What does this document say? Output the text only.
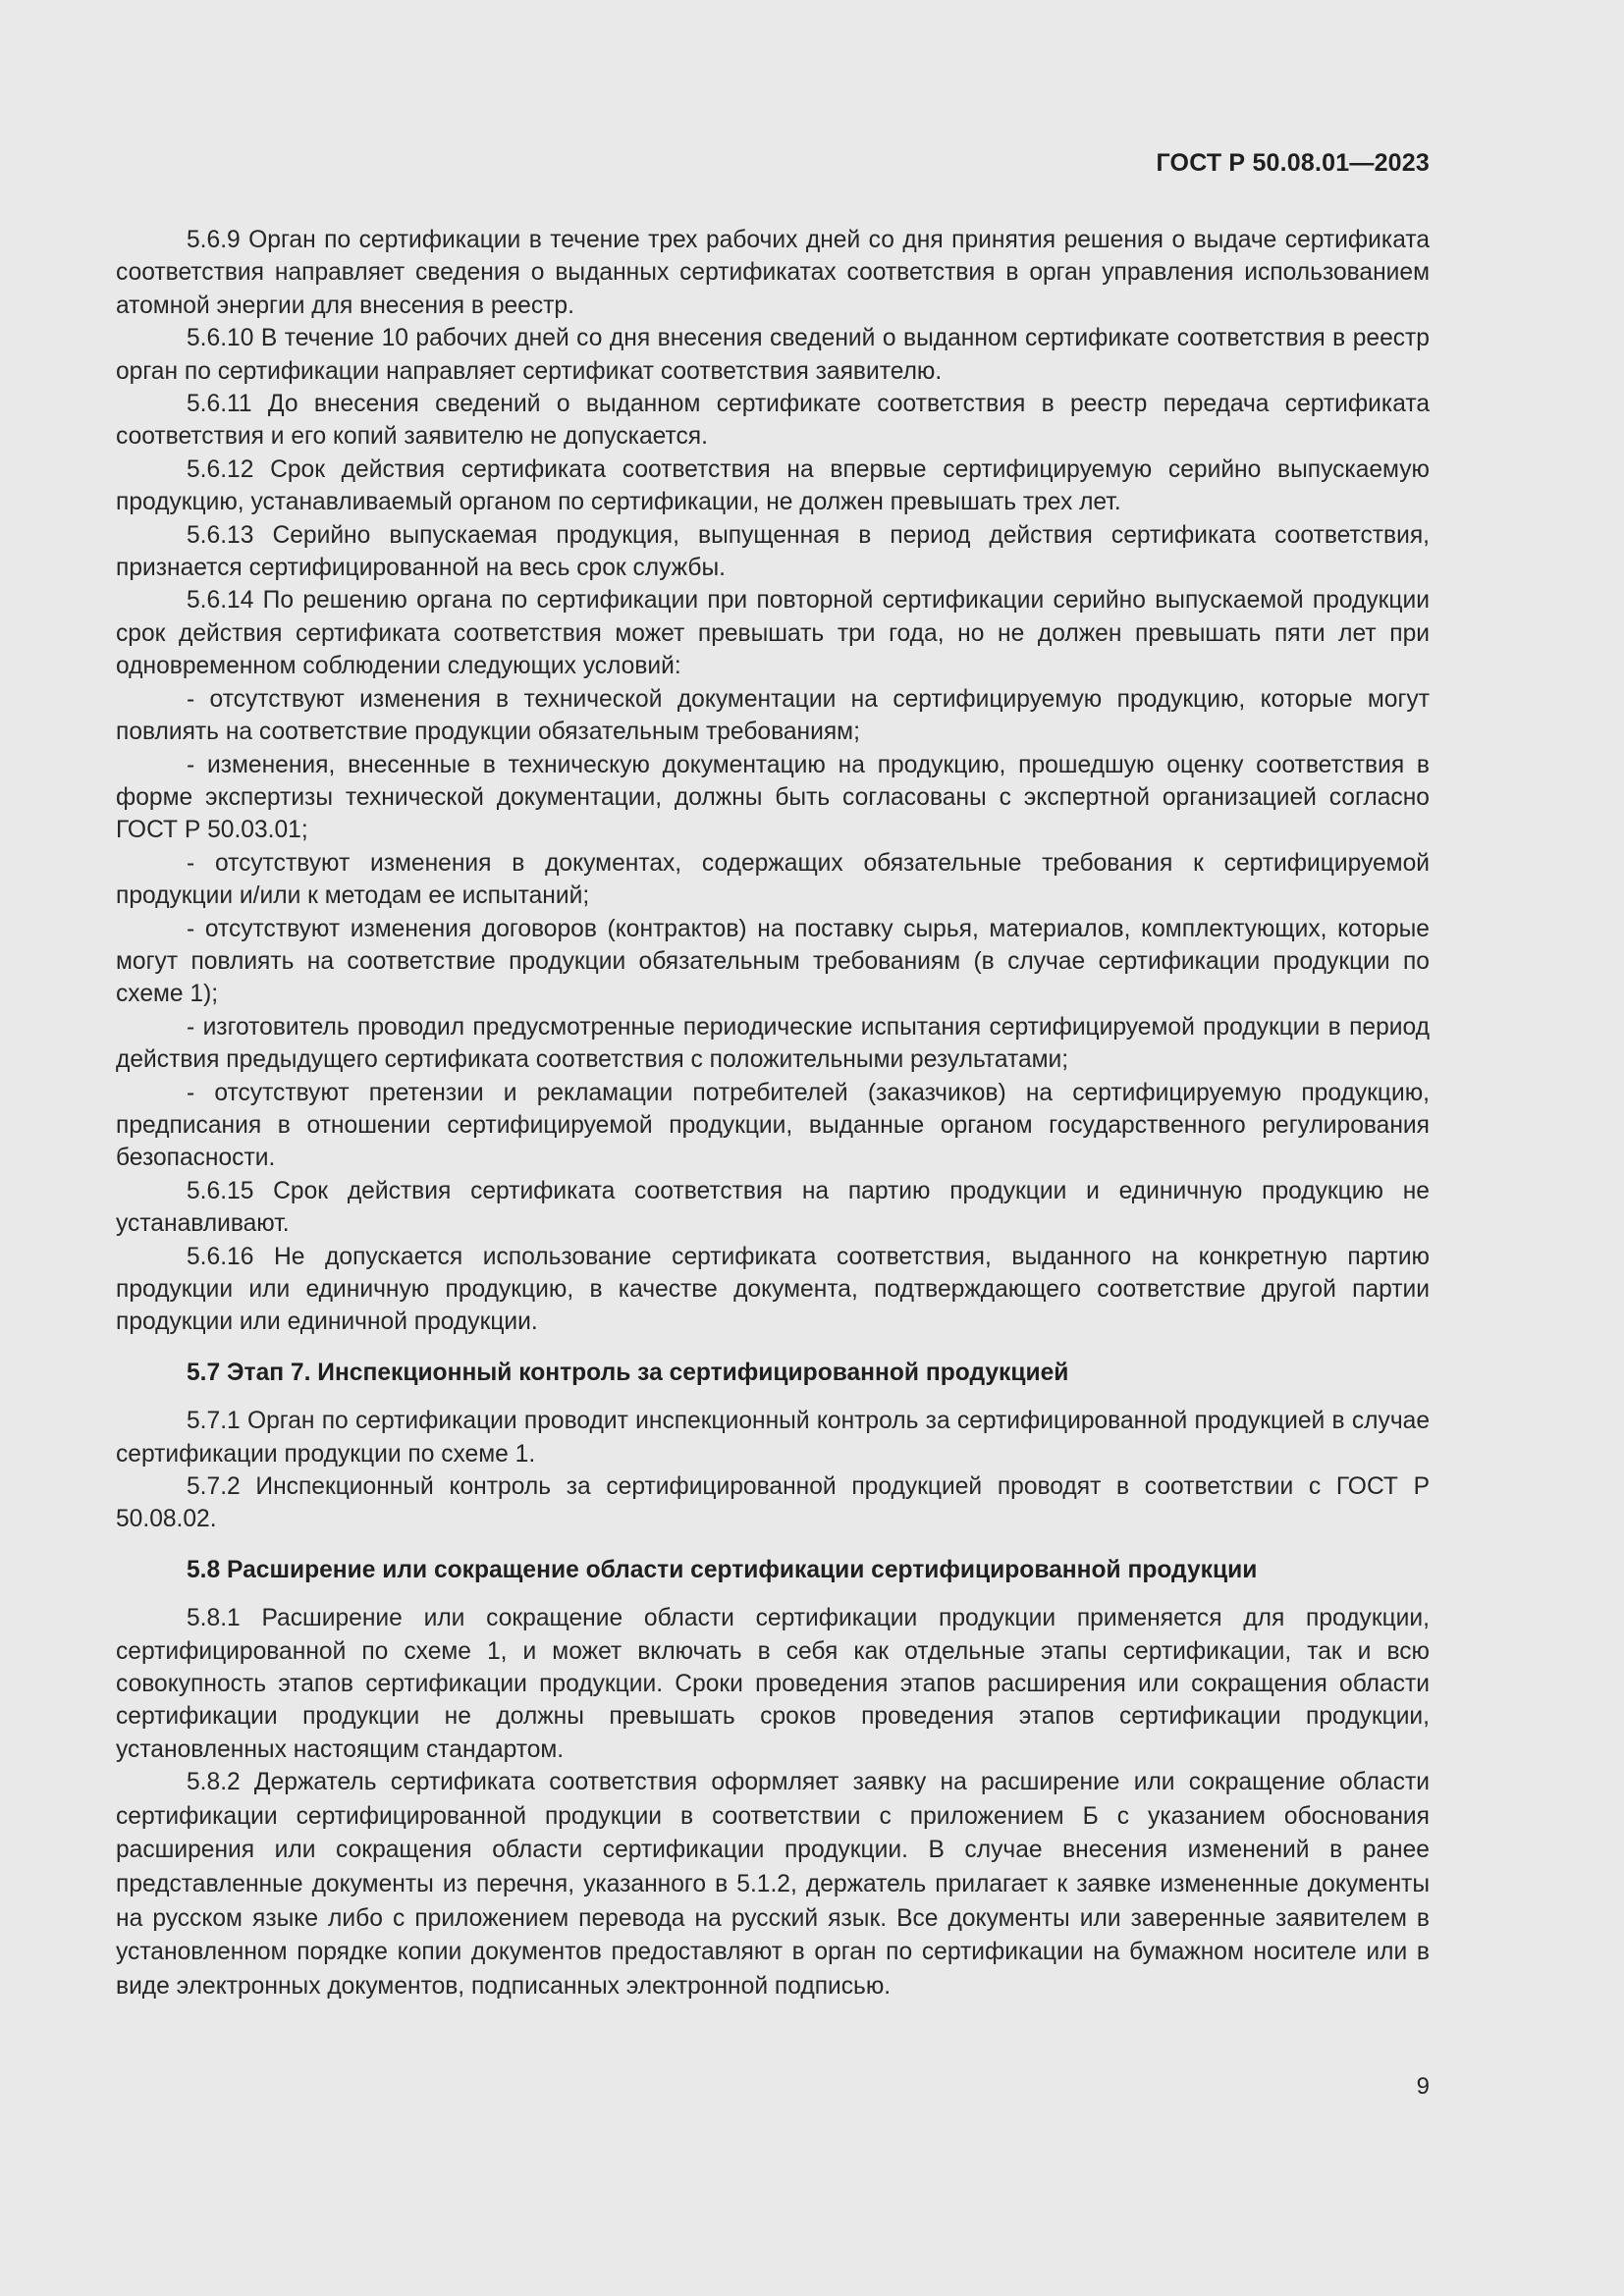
ГОСТ Р 50.08.01—2023

5.6.9 Орган по сертификации в течение трех рабочих дней со дня принятия решения о выдаче сертификата соответствия направляет сведения о выданных сертификатах соответствия в орган управления использованием атомной энергии для внесения в реестр.

5.6.10 В течение 10 рабочих дней со дня внесения сведений о выданном сертификате соответствия в реестр орган по сертификации направляет сертификат соответствия заявителю.

5.6.11 До внесения сведений о выданном сертификате соответствия в реестр передача сертификата соответствия и его копий заявителю не допускается.

5.6.12 Срок действия сертификата соответствия на впервые сертифицируемую серийно выпускаемую продукцию, устанавливаемый органом по сертификации, не должен превышать трех лет.

5.6.13 Серийно выпускаемая продукция, выпущенная в период действия сертификата соответствия, признается сертифицированной на весь срок службы.

5.6.14 По решению органа по сертификации при повторной сертификации серийно выпускаемой продукции срок действия сертификата соответствия может превышать три года, но не должен превышать пяти лет при одновременном соблюдении следующих условий:

- отсутствуют изменения в технической документации на сертифицируемую продукцию, которые могут повлиять на соответствие продукции обязательным требованиям;

- изменения, внесенные в техническую документацию на продукцию, прошедшую оценку соответствия в форме экспертизы технической документации, должны быть согласованы с экспертной организацией согласно ГОСТ Р 50.03.01;

- отсутствуют изменения в документах, содержащих обязательные требования к сертифицируемой продукции и/или к методам ее испытаний;

- отсутствуют изменения договоров (контрактов) на поставку сырья, материалов, комплектующих, которые могут повлиять на соответствие продукции обязательным требованиям (в случае сертификации продукции по схеме 1);

- изготовитель проводил предусмотренные периодические испытания сертифицируемой продукции в период действия предыдущего сертификата соответствия с положительными результатами;

- отсутствуют претензии и рекламации потребителей (заказчиков) на сертифицируемую продукцию, предписания в отношении сертифицируемой продукции, выданные органом государственного регулирования безопасности.

5.6.15 Срок действия сертификата соответствия на партию продукции и единичную продукцию не устанавливают.

5.6.16 Не допускается использование сертификата соответствия, выданного на конкретную партию продукции или единичную продукцию, в качестве документа, подтверждающего соответствие другой партии продукции или единичной продукции.

5.7 Этап 7. Инспекционный контроль за сертифицированной продукцией

5.7.1 Орган по сертификации проводит инспекционный контроль за сертифицированной продукцией в случае сертификации продукции по схеме 1.

5.7.2 Инспекционный контроль за сертифицированной продукцией проводят в соответствии с ГОСТ Р 50.08.02.

5.8 Расширение или сокращение области сертификации сертифицированной продукции

5.8.1 Расширение или сокращение области сертификации продукции применяется для продукции, сертифицированной по схеме 1, и может включать в себя как отдельные этапы сертификации, так и всю совокупность этапов сертификации продукции. Сроки проведения этапов расширения или сокращения области сертификации продукции не должны превышать сроков проведения этапов сертификации продукции, установленных настоящим стандартом.

5.8.2 Держатель сертификата соответствия оформляет заявку на расширение или сокращение области сертификации сертифицированной продукции в соответствии с приложением Б с указанием обоснования расширения или сокращения области сертификации продукции. В случае внесения изменений в ранее представленные документы из перечня, указанного в 5.1.2, держатель прилагает к заявке измененные документы на русском языке либо с приложением перевода на русский язык. Все документы или заверенные заявителем в установленном порядке копии документов предоставляют в орган по сертификации на бумажном носителе или в виде электронных документов, подписанных электронной подписью.

9
